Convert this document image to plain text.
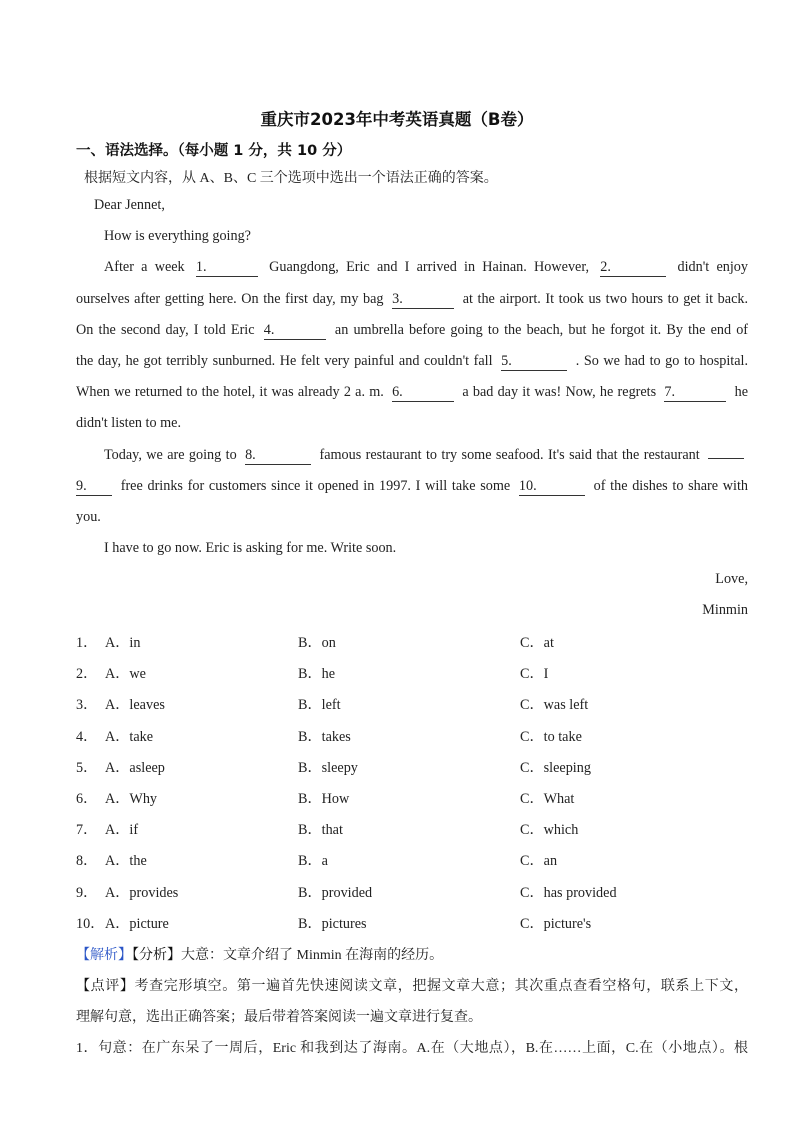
重庆市2023年中考英语真题（B卷）
一、语法选择。（每小题 1 分，共 10 分）
根据短文内容，从 A、B、C 三个选项中选出一个语法正确的答案。
Dear Jennet,
How is everything going?
After a week 1.	Guangdong, Eric and I arrived in Hainan. However, 2.	didn't enjoy
ourselves after getting here. On the first day, my bag 3.	at the airport. It took us two hours to get it back.
On the second day, I told Eric 4.	an umbrella before going to the beach, but he forgot it. By the end of
the day, he got terribly sunburned. He felt very painful and couldn't fall 5.	. So we had to go to hospital.
When we returned to the hotel, it was already 2 a. m. 6.	a bad day it was! Now, he regrets 7.	he
didn't listen to me.
Today, we are going to 8.	famous restaurant to try some seafood. It's said that the restaurant
9. free drinks for customers since it opened in 1997. I will take some 10.	of the dishes to share with
you.
I have to go now. Eric is asking for me. Write soon.
Love,
Minmin
1． A．in	B．on	C．at
2． A．we	B．he	C．I
3． A．leaves	B．left	C．was left
4． A．take	B．takes	C．to take
5． A．asleep	B．sleepy	C．sleeping
6． A．Why	B．How	C．What
7． A．if	B．that	C．which
8． A．the	B．a	C．an
9． A．provides	B．provided	C．has provided
10． A．picture	B．pictures	C．picture's
【解析】【分析】大意：文章介绍了 Minmin 在海南的经历。
【点评】考查完形填空。第一遍首先快速阅读文章，把握文章大意；其次重点查看空格句，联系上下文，
理解句意，选出正确答案；最后带着答案阅读一遍文章进行复查。
1．句意：在广东呆了一周后，Eric 和我到达了海南。A.在（大地点），B.在……上面，C.在（小地点）。根
